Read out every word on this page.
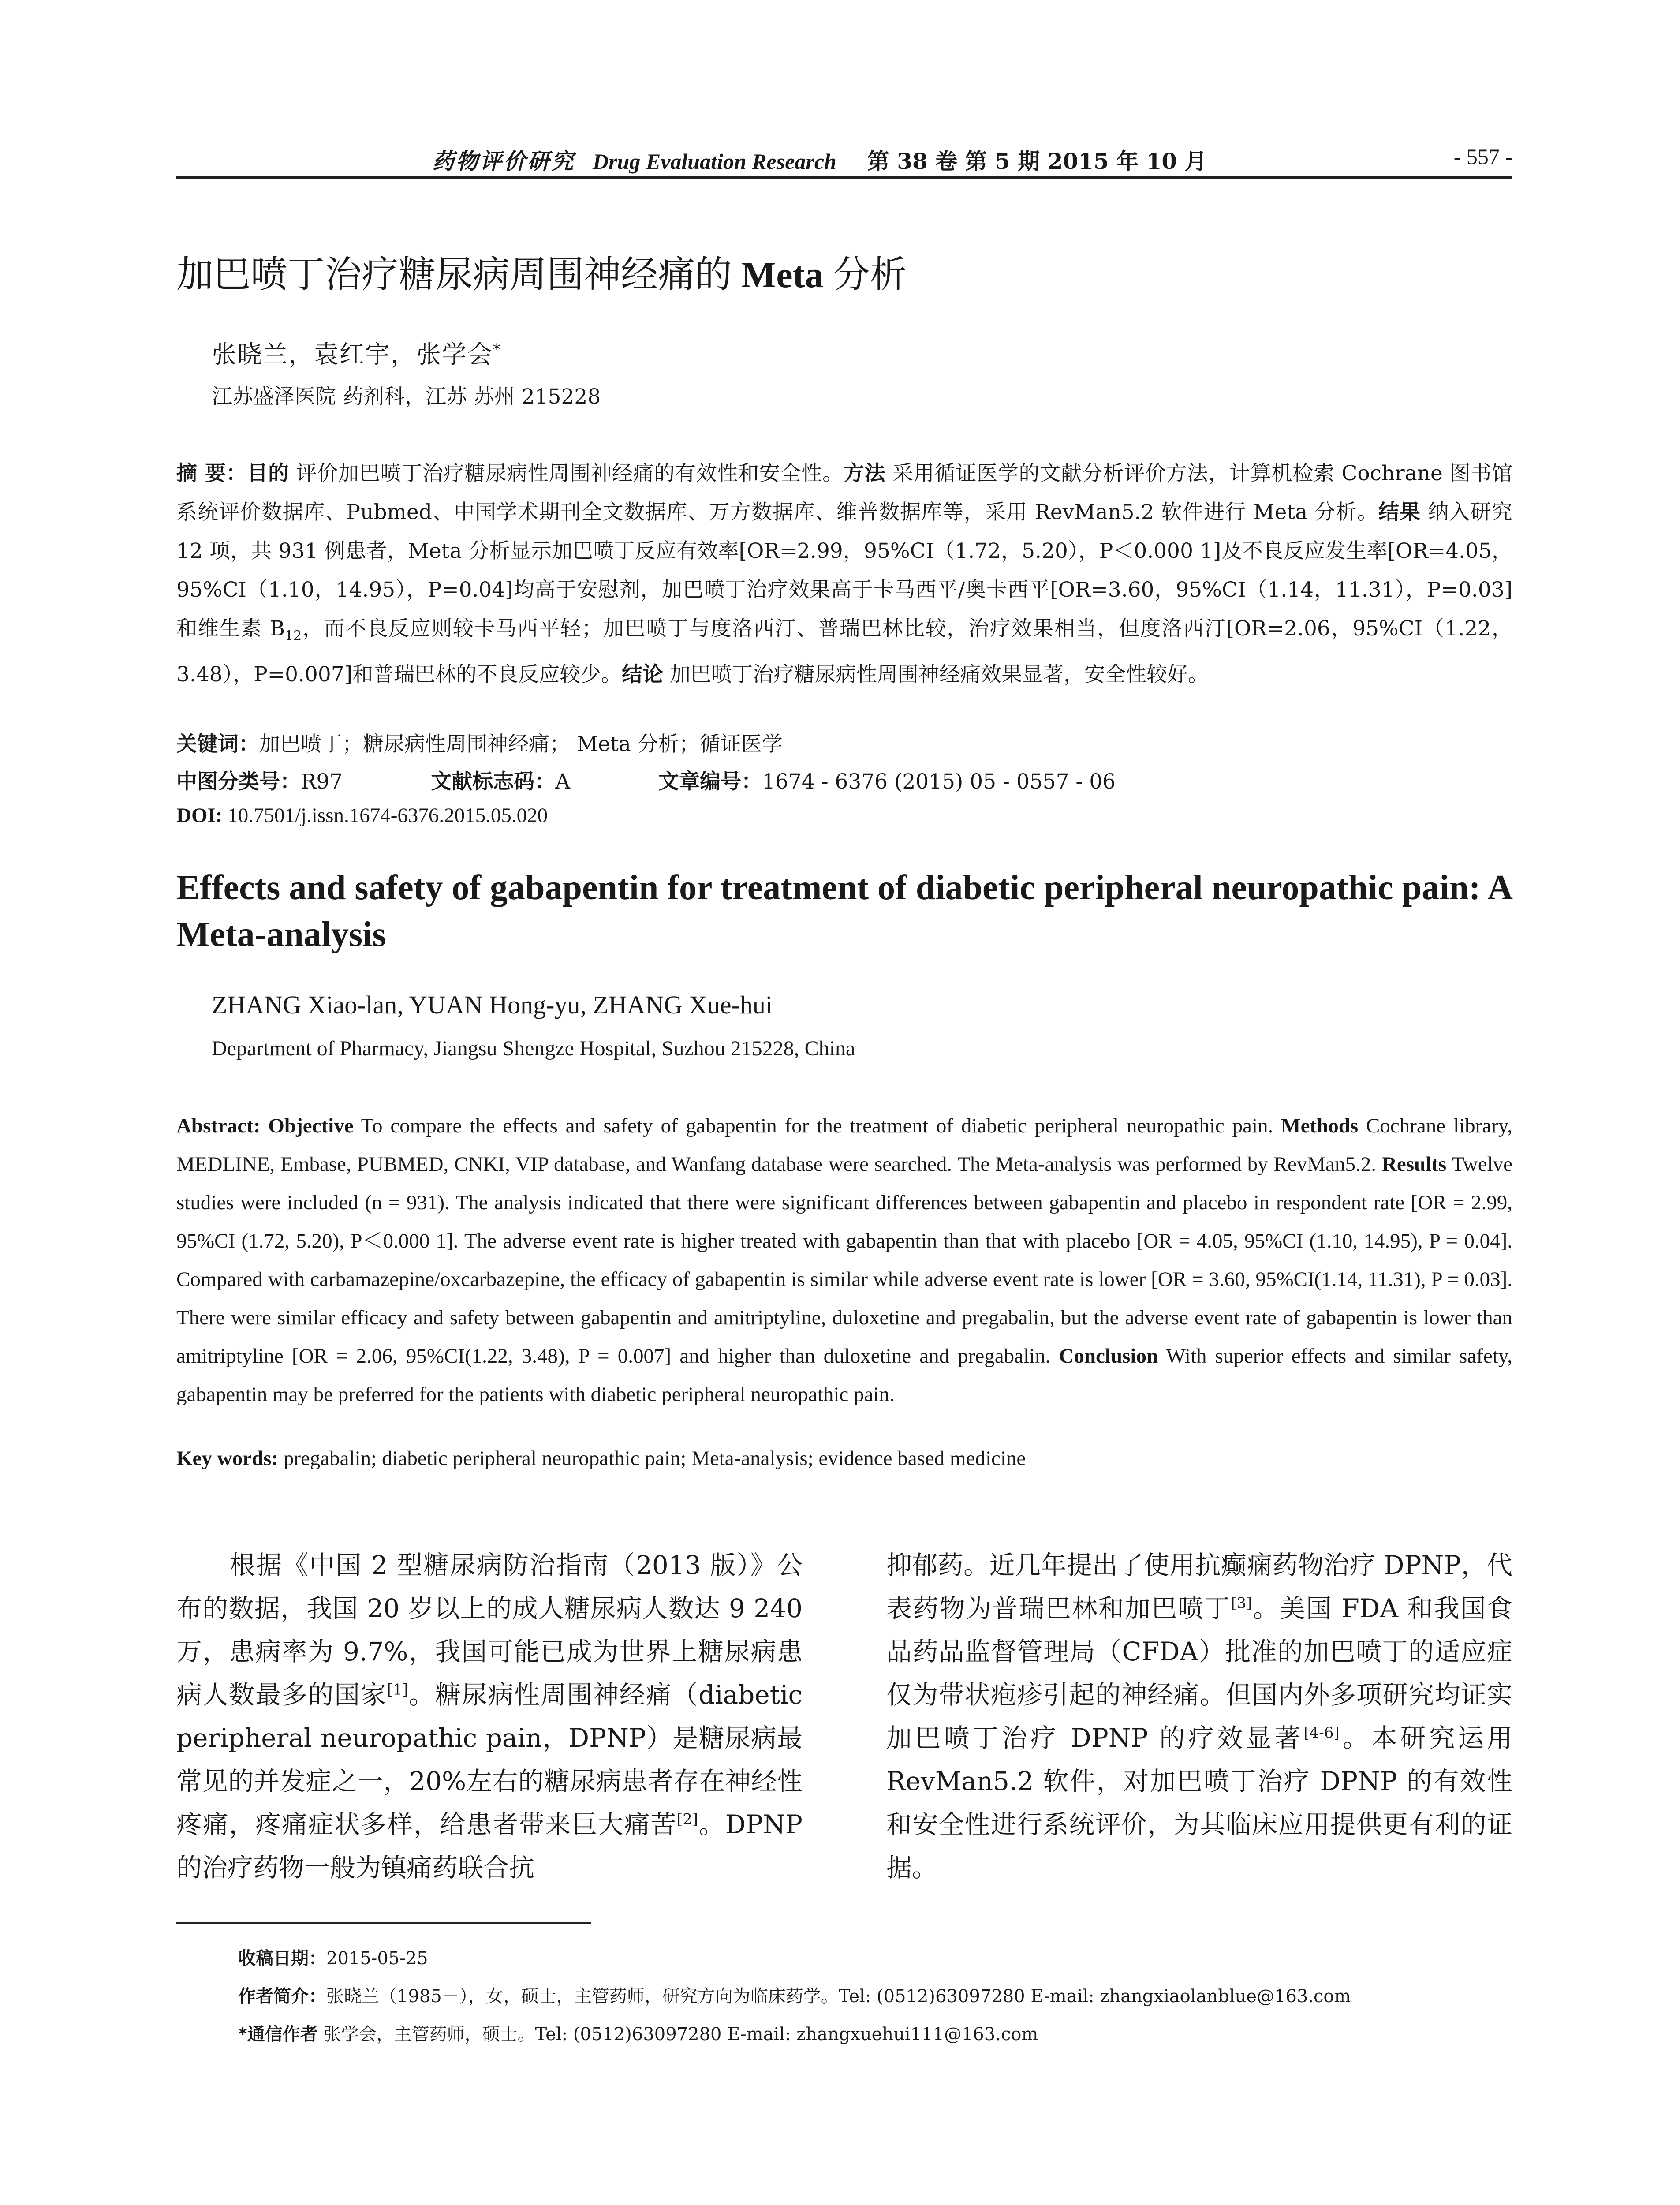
药物评价研究 Drug Evaluation Research 第 38 卷 第 5 期 2015 年 10 月	- 557 -
加巴喷丁治疗糖尿病周围神经痛的 Meta 分析
张晓兰，袁红宇，张学会*
江苏盛泽医院 药剂科，江苏 苏州 215228

摘 要：目的 评价加巴喷丁治疗糖尿病性周围神经痛的有效性和安全性。方法 采用循证医学的文献分析评价方法，计算机检索 Cochrane 图书馆系统评价数据库、Pubmed、中国学术期刊全文数据库、万方数据库、维普数据库等，采用 RevMan5.2 软件进行 Meta 分析。结果 纳入研究 12 项，共 931 例患者，Meta 分析显示加巴喷丁反应有效率[OR=2.99，95%CI（1.72，5.20），P＜0.000 1]及不良反应发生率[OR=4.05，95%CI（1.10，14.95），P=0.04]均高于安慰剂，加巴喷丁治疗效果高于卡马西平/奥卡西平[OR=3.60，95%CI（1.14，11.31），P=0.03]和维生素 $B_{12}$，而不良反应则较卡马西平轻；加巴喷丁与度洛西汀、普瑞巴林比较，治疗效果相当，但度洛西汀[OR=2.06，95%CI（1.22，3.48），P=0.007]和普瑞巴林的不良反应较少。结论 加巴喷丁治疗糖尿病性周围神经痛效果显著，安全性较好。

关键词：加巴喷丁；糖尿病性周围神经痛； Meta 分析；循证医学
中图分类号：R97	文献标志码：A	文章编号：1674 - 6376 (2015) 05 - 0557 - 06
DOI: 10.7501/j.issn.1674-6376.2015.05.020
Effects and safety of gabapentin for treatment of diabetic peripheral neuropathic pain: A Meta-analysis
ZHANG Xiao-lan, YUAN Hong-yu, ZHANG Xue-hui
Department of Pharmacy, Jiangsu Shengze Hospital, Suzhou 215228, China

Abstract: Objective To compare the effects and safety of gabapentin for the treatment of diabetic peripheral neuropathic pain. Methods Cochrane library, MEDLINE, Embase, PUBMED, CNKI, VIP database, and Wanfang database were searched. The Meta-analysis was performed by RevMan5.2. Results Twelve studies were included (n = 931). The analysis indicated that there were significant differences between gabapentin and placebo in respondent rate [OR = 2.99, 95%CI (1.72, 5.20), P＜0.000 1]. The adverse event rate is higher treated with gabapentin than that with placebo [OR = 4.05, 95%CI (1.10, 14.95), P = 0.04]. Compared with carbamazepine/oxcarbazepine, the efficacy of gabapentin is similar while adverse event rate is lower [OR = 3.60, 95%CI(1.14, 11.31), P = 0.03]. There were similar efficacy and safety between gabapentin and amitriptyline, duloxetine and pregabalin, but the adverse event rate of gabapentin is lower than amitriptyline [OR = 2.06, 95%CI(1.22, 3.48), P = 0.007] and higher than duloxetine and pregabalin. Conclusion With superior effects and similar safety, gabapentin may be preferred for the patients with diabetic peripheral neuropathic pain.

Key words: pregabalin; diabetic peripheral neuropathic pain; Meta-analysis; evidence based medicine

　　根据《中国 2 型糖尿病防治指南（2013 版）》公布的数据，我国 20 岁以上的成人糖尿病人数达 9 240 万，患病率为 9.7%，我国可能已成为世界上糖尿病患病人数最多的国家[1]。糖尿病性周围神经痛（diabetic peripheral neuropathic pain，DPNP）是糖尿病最常见的并发症之一，20%左右的糖尿病患者存在神经性疼痛，疼痛症状多样，给患者带来巨大痛苦[2]。DPNP 的治疗药物一般为镇痛药联合抗

抑郁药。近几年提出了使用抗癫痫药物治疗 DPNP，代表药物为普瑞巴林和加巴喷丁[3]。美国 FDA 和我国食品药品监督管理局（CFDA）批准的加巴喷丁的适应症仅为带状疱疹引起的神经痛。但国内外多项研究均证实加巴喷丁治疗 DPNP 的疗效显著[4-6]。本研究运用 RevMan5.2 软件，对加巴喷丁治疗 DPNP 的有效性和安全性进行系统评价，为其临床应用提供更有利的证据。

收稿日期：2015-05-25

作者简介：张晓兰（1985－），女，硕士，主管药师，研究方向为临床药学。Tel: (0512)63097280 E-mail: zhangxiaolanblue@163.com

*通信作者 张学会，主管药师，硕士。Tel: (0512)63097280 E-mail: zhangxuehui111@163.com
